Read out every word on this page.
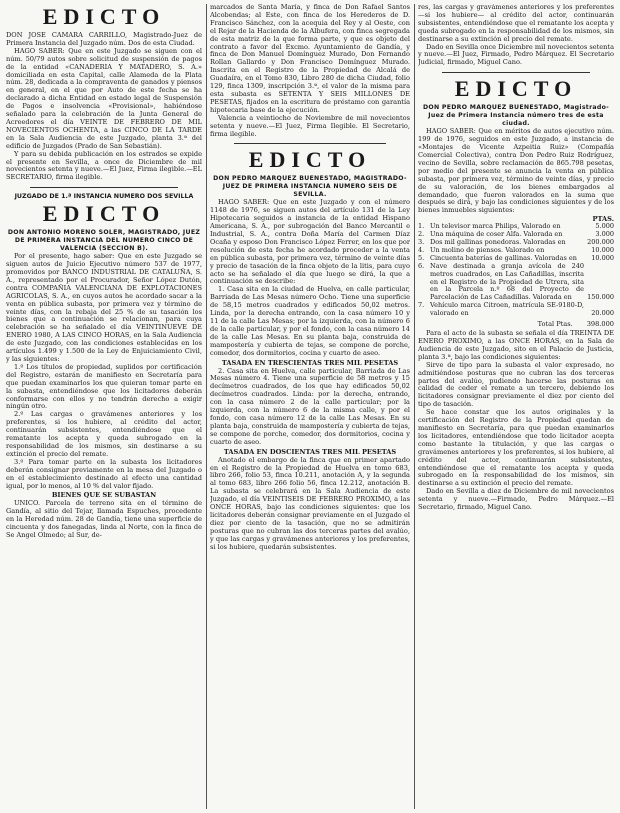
EDICTO

DON JOSE CAMARA CARRILLO, Magistrado-Juez de Primera Instancia del Juzgado núm. Dos de esta Ciudad.

HAGO SABER: Que en este Juzgado se siguen con el núm. 50/79 autos sobre solicitud de suspensión de pagos de la entidad «CANADERIA Y MATADERO, S. A.» domiciliada en esta Capital, calle Alameda de la Plata núm. 28, dedicada a la compraventa de ganados y piensos en general, en el que por Auto de este fecha se ha declarado a dicha Entidad en estado legal de Suspensión de Pagos e insolvencia «Provisional», habiéndose señalado para la celebración de la Junta General de Acreedores el día VEINTE DE FEBRERO DE MIL NOVECIENTOS OCHENTA, a las CINCO DE LA TARDE en la Sala Audiencia de este Juzgado, planta 3.ª del edificio de Juzgados (Prado de San Sebastián).

Y para su debida publicación en los estrados se expide el presente en Sevilla, a once de Diciembre de mil novecientos setenta y nueve.—El Juez, Firma ilegible.—EL SECRETARIO, firma ilegible.

JUZGADO DE 1.ª INSTANCIA NUMERO DOS SEVILLA
EDICTO
DON ANTONIO MORENO SOLER, MAGISTRADO, JUEZ DE PRIMERA INSTANCIA DEL NUMERO CINCO DE VALENCIA (SECCION B).

Por el presente, hago saber: Que en este Juzgado se siguen autos de Juicio Ejecutivo número 537 de 1977, promovidos por BANCO INDUSTRIAL DE CATALUÑA, S. A., representado por el Procurador, Señor López Dutón, contra COMPAÑIA VALENCIANA DE EXPLOTACIONES AGRICOLAS, S. A., en cuyos autos he acordado sacar a la venta en pública subasta, por primera vez y término de veinte días, con la rebaja del 25 % de su tasación los bienes que a continuación se relacionan, para cuya celebración se ha señalado el día VEINTINUEVE DE ENERO 1980, A LAS CINCO HORAS, en la Sala Audiencia de este Juzgado, con las condiciones establecidas en los artículos 1.499 y 1.500 de la Ley de Enjuiciamiento Civil, y las siguientes:

1.º Los títulos de propiedad, suplidos por certificación del Registro, estarán de manifiesto en Secretaría para que puedan examinarlos los que quieran tomar parte en la subasta, entendiéndose que los licitadores deberán conformarse con ellos y no tendrán derecho a exigir ningún otro.

2.º Las cargas o gravámenes anteriores y los preferentes, si los hubiere, al crédito del actor, continuarán subsistentes, entendiéndose que el rematante los acepta y queda subrogado en la responsabilidad de los mismos, sin destinarse a su extinción el precio del remate.

3.º Para tomar parte en la subasta los licitadores deberán consignar previamente en la mesa del Juzgado o en el establecimiento destinado al efecto una cantidad igual, por lo menos, al 10 % del valor fijado.

BIENES QUE SE SUBASTAN

UNICO. Parcela de terreno sita en el término de Gandía, al sitio del Tejar, llamada Espuches, procedente en la Heredad núm. 28 de Gandía, tiene una superficie de cincuenta y dos fanegadas, linda al Norte, con la finca de Se Angel Olmedo; al Sur, de-

marcados de Santa María, y finca de Don Rafael Santos Alcobendas; al Este, con finca de los Herederos de D. Francisco Sánchez, con la acequia del Rey y al Oeste, con el Rejar de la Hacienda de la Albufera, con finca segregada de esta matriz de la que forma parte, y que es objeto del contrato a favor del Excmo. Ayuntamiento de Gandía, y finca de Don Manuel Domínguez Murado, Don Fernando Rollan Gallardo y Don Francisco Domínguez Murado. Inscrita en el Registro de la Propiedad de Alcalá de Guadaíra, en el Tomo 830, Libro 280 de dicha Ciudad, folio 129, finca 1309, inscripción 3.ª, el valor de la misma para esta subasta es SETENTA Y SEIS MILLONES DE PESETAS, fijados en la escritura de préstamo con garantía hipotecaria base de la ejecución.

Valencia a veintiocho de Noviembre de mil novecientos setenta y nueve.—El Juez, Firma Ilegible. El Secretario, firma ilegible.

EDICTO
DON PEDRO MARQUEZ BUENESTADO, MAGISTRADO-JUEZ DE PRIMERA INSTANCIA NUMERO SEIS DE SEVILLA.

HAGO SABER: Que en este Juzgado y con el número 1148 de 1976, se siguen autos del artículo 131 de la Ley Hipotecaria seguidos a instancia de la entidad Hispano Americana, S. A., por subrogación del Banco Mercantil e Industrial, S. A., contra Doña María del Carmen Díaz Ocaña y esposo Don Francisco López Ferrer, en los que por resolución de esta fecha he acordado proceder a la venta en pública subasta, por primera vez, término de veinte días y precio de tasación de la finca objeto de la litis, para cuyo acto se ha señalado el día que luego se dirá, la que a continuación se describe:

1. Casa sita en la ciudad de Huelva, en calle particular, Barriada de Las Mesas número Ocho. Tiene una superficie de 58,15 metros cuadrados y edificados 50,02 metros. Linda, por la derecha entrando, con la casa número 10 y 11 de la calle Las Mesas; por la izquierda, con la número 6 de la calle particular, y por el fondo, con la casa número 14 de la calle Las Mesas. En su planta baja, construida de mampostería y cubierta de tejas, se compone de porche, comedor, dos dormitorios, cocina y cuarto de aseo.

TASADA EN TRESCIENTAS TRES MIL PESETAS

2. Casa sita en Huelva, calle particular, Barriada de Las Mesas número 4. Tiene una superficie de 58 metros y 15 decímetros cuadrados, de los que hay edificados 50,02 decímetros cuadrados. Linda: por la derecha, entrando, con la casa número 2 de la calle particular; por la izquierda, con la número 6 de la misma calle, y por el fondo, con casa número 12 de la calle Las Mesas. En su planta baja, construida de mampostería y cubierta de tejas, se compone de porche, comedor, dos dormitorios, cocina y cuarto de aseo.

TASADA EN DOSCIENTAS TRES MIL PESETAS

Anotado el embargo de la finca que en primer apartado en el Registro de la Propiedad de Huelva en tomo 683, libro 266, folio 53, finca 10.211, anotación A, y la segunda al tomo 683, libro 266 folio 56, finca 12.212, anotación B. La subasta se celebrará en la Sala Audiencia de este Juzgado, el día VEINTISEIS DE FEBRERO PROXIMO, a las ONCE HORAS, bajo las condiciones siguientes: que los licitadores deberán consignar previamente en el Juzgado el diez por ciento de la tasación, que no se admitirán posturas que no cubran las dos terceras partes del avalúo, y que las cargas y gravámenes anteriores y los preferentes, si los hubiere, quedarán subsistentes.

res, las cargas y gravámenes anteriores y los preferentes —si los hubiere— al crédito del actor, continuarán subsistentes, entendiéndose que el rematante los acepta y queda subrogado en la responsabilidad de los mismos, sin destinarse a su extinción el precio del remate.

Dado en Sevilla once Diciembre mil novecientos setenta y nueve.—El Juez, Firmado, Pedro Márquez. El Secretario Judicial, firmado, Miguel Cano.

EDICTO
DON PEDRO MARQUEZ BUENESTADO, Magistrado-Juez de Primera Instancia número tres de esta ciudad.

HAGO SABER: Que en méritos de autos ejecutivo núm. 199 de 1976, seguidos en este Juzgado, a instancia de «Montajes de Vicente Azpeitia Ruiz» (Compañía Comercial Colectiva), contra Don Pedro Ruiz Rodríguez, vecino de Sevilla, sobre reclamación de 865.798 pesetas, por medio del presente se anuncia la venta en pública subasta, por primera vez, término de veinte días, y precio de su valoración, de los bienes embargados al demandado, que fueron valorados en la suma que después se dirá, y bajo las condiciones siguientes y de los bienes inmuebles siguientes:

PTAS.
1. Un televisor marca Philips, Valorado en	5.000
2. Una máquina de coser Alfa. Valorada en	3.000
3. Dos mil gallinas ponedoras. Valoradas en	200.000
4. Un molino de piensos. Valorado en	10.000
5. Cincuenta baterías de gallinas. Valoradas en	10.000
6. Nave destinada a granja avícola de 240 metros cuadrados, en Las Cañadillas, inscrita en el Registro de la Propiedad de Utrera, sita en la Parcela n.º 68 del Proyecto de Parcelación de Las Cañadillas. Valorada en	150.000
7. Vehículo marca Citroen, matrícula SE-9180-D, valorado en	20.000
Total Ptas. 398.000

Para el acto de la subasta se señala el día TREINTA DE ENERO PROXIMO, a las ONCE HORAS, en la Sala de Audiencia de este Juzgado, sito en el Palacio de Justicia, planta 3.ª, bajo las condiciones siguientes:

Sirve de tipo para la subasta el valor expresado, no admitiéndose posturas que no cubran las dos terceras partes del avalúo, pudiendo hacerse las posturas en calidad de ceder el remate a un tercero, debiendo los licitadores consignar previamente el diez por ciento del tipo de tasación.

Se hace constar que los autos originales y la certificación del Registro de la Propiedad quedan de manifiesto en Secretaría, para que puedan examinarlos los licitadores, entendiéndose que todo licitador acepta como bastante la titulación, y que las cargas o gravámenes anteriores y los preferentes, si los hubiere, al crédito del actor, continuarán subsistentes, entendiéndose que el rematante los acepta y queda subrogado en la responsabilidad de los mismos, sin destinarse a su extinción el precio del remate.

Dado en Sevilla a diez de Diciembre de mil novecientos setenta y nueve.—Firmado, Pedro Márquez.—El Secretario, firmado, Miguel Cano.
